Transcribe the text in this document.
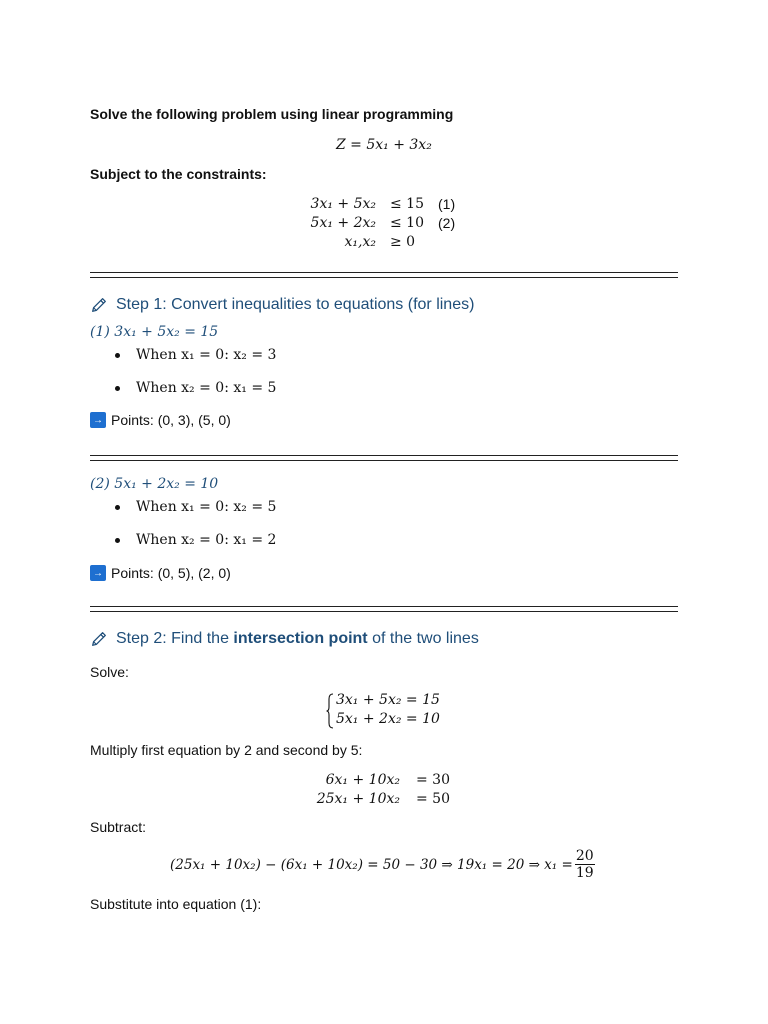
Solve the following problem using linear programming
Z = 5x₁ + 3x₂
Subject to the constraints:
3x₁ + 5x₂	≤ 15	(1)
5x₁ + 2x₂	≤ 10	(2)
x₁,x₂	≥ 0
Step 1: Convert inequalities to equations (for lines)
(1) 3x₁ + 5x₂ = 15
When x₁ = 0: x₂ = 3
When x₂ = 0: x₁ = 5
→ Points: (0, 3), (5, 0)
(2) 5x₁ + 2x₂ = 10
When x₁ = 0: x₂ = 5
When x₂ = 0: x₁ = 2
→ Points: (0, 5), (2, 0)
Step 2: Find the intersection point of the two lines
Solve:
3x₁ + 5x₂ = 15
5x₁ + 2x₂ = 10
Multiply first equation by 2 and second by 5:
6x₁ + 10x₂	= 30
25x₁ + 10x₂	= 50
Subtract:
(25x₁ + 10x₂) − (6x₁ + 10x₂) = 50 − 30 ⇒ 19x₁ = 20 ⇒ x₁ =
20
19
Substitute into equation (1):
